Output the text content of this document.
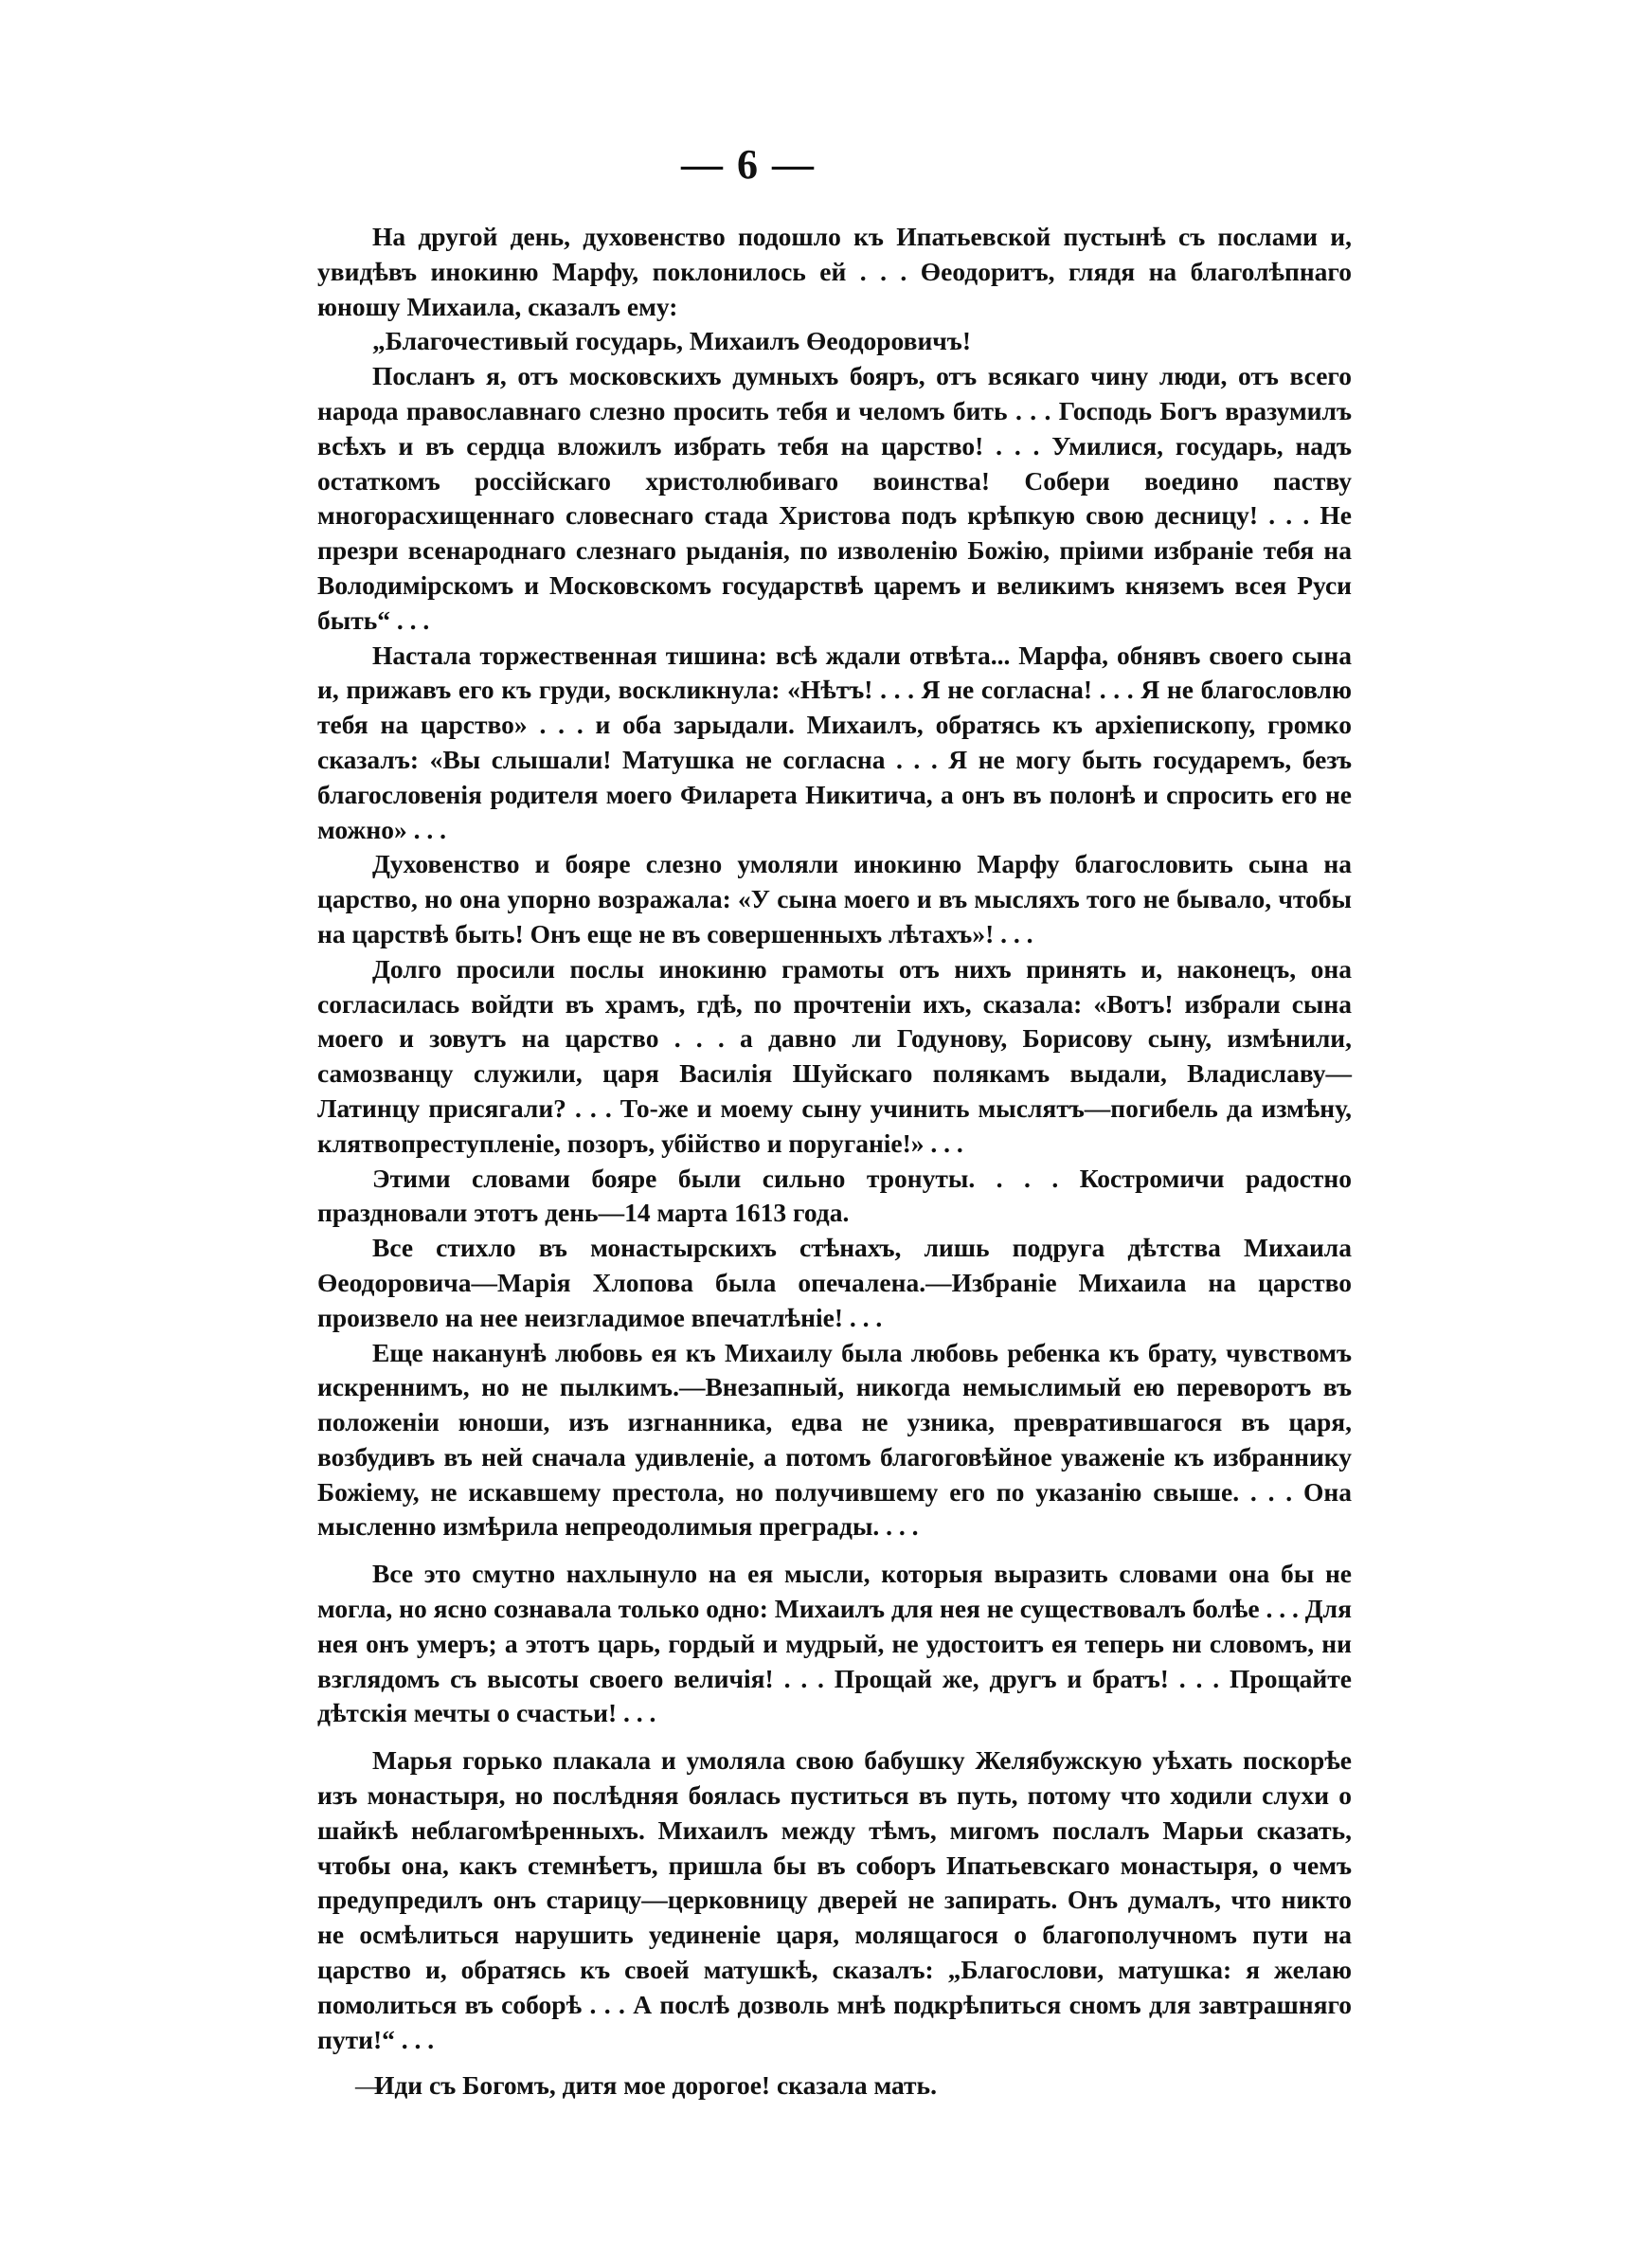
— 6 —

На другой день, духовенство подошло къ Ипатьевской пустынѣ съ послами и, увидѣвъ инокиню Марфу, поклонилось ей . . . Өеодоритъ, глядя на благолѣпнаго юношу Михаила, сказалъ ему:

„Благочестивый государь, Михаилъ Өеодоровичъ!

Посланъ я, отъ московскихъ думныхъ бояръ, отъ всякаго чину люди, отъ всего народа православнаго слезно просить тебя и челомъ бить . . . Господь Богъ вразумилъ всѣхъ и въ сердца вложилъ избрать тебя на царство! . . . Умилися, государь, надъ остаткомъ россійскаго христолюбиваго воинства! Собери воедино паству многорасхищеннаго словеснаго стада Христова подъ крѣпкую свою десницу! . . . Не презри всенароднаго слезнаго рыданія, по изволенію Божію, пріими избраніе тебя на Володимірскомъ и Московскомъ государствѣ царемъ и великимъ княземъ всея Руси быть“ . . .

Настала торжественная тишина: всѣ ждали отвѣта... Марфа, обнявъ своего сына и, прижавъ его къ груди, воскликнула: «Нѣтъ! . . . Я не согласна! . . . Я не благословлю тебя на царство» . . . и оба зарыдали. Михаилъ, обратясь къ архіепископу, громко сказалъ: «Вы слышали! Матушка не согласна . . . Я не могу быть государемъ, безъ благословенія родителя моего Филарета Никитича, а онъ въ полонѣ и спросить его не можно» . . .

Духовенство и бояре слезно умоляли инокиню Марфу благословить сына на царство, но она упорно возражала: «У сына моего и въ мысляхъ того не бывало, чтобы на царствѣ быть! Онъ еще не въ совершенныхъ лѣтахъ»! . . .

Долго просили послы инокиню грамоты отъ нихъ принять и, наконецъ, она согласилась войдти въ храмъ, гдѣ, по прочтеніи ихъ, сказала: «Вотъ! избрали сына моего и зовутъ на царство . . . а давно ли Годунову, Борисову сыну, измѣнили, самозванцу служили, царя Василія Шуйскаго полякамъ выдали, Владиславу—Латинцу присягали? . . . То-же и моему сыну учинить мыслятъ—погибель да измѣну, клятвопреступленіе, позоръ, убійство и поруганіе!» . . .

Этими словами бояре были сильно тронуты. . . . Костромичи радостно праздновали этотъ день—14 марта 1613 года.

Все стихло въ монастырскихъ стѣнахъ, лишь подруга дѣтства Михаила Өеодоровича—Марія Хлопова была опечалена.—Избраніе Михаила на царство произвело на нее неизгладимое впечатлѣніе! . . .

Еще наканунѣ любовь ея къ Михаилу была любовь ребенка къ брату, чувствомъ искреннимъ, но не пылкимъ.—Внезапный, никогда немыслимый ею переворотъ въ положеніи юноши, изъ изгнанника, едва не узника, превратившагося въ царя, возбудивъ въ ней сначала удивленіе, а потомъ благоговѣйное уваженіе къ избраннику Божіему, не искавшему престола, но получившему его по указанію свыше. . . . Она мысленно измѣрила непреодолимыя преграды. . . .

Все это смутно нахлынуло на ея мысли, которыя выразить словами она бы не могла, но ясно сознавала только одно: Михаилъ для нея не существовалъ болѣе . . . Для нея онъ умеръ; а этотъ царь, гордый и мудрый, не удостоитъ ея теперь ни словомъ, ни взглядомъ съ высоты своего величія! . . . Прощай же, другъ и братъ! . . . Прощайте дѣтскія мечты о счастьи! . . .

Марья горько плакала и умоляла свою бабушку Желябужскую уѣхать поскорѣе изъ монастыря, но послѣдняя боялась пуститься въ путь, потому что ходили слухи о шайкѣ неблагомѣренныхъ. Михаилъ между тѣмъ, мигомъ послалъ Марьи сказать, чтобы она, какъ стемнѣетъ, пришла бы въ соборъ Ипатьевскаго монастыря, о чемъ предупредилъ онъ старицу—церковницу дверей не запирать. Онъ думалъ, что никто не осмѣлиться нарушить уединеніе царя, молящагося о благополучномъ пути на царство и, обратясь къ своей матушкѣ, сказалъ: „Благослови, матушка: я желаю помолиться въ соборѣ . . . А послѣ дозволь мнѣ подкрѣпиться сномъ для завтрашняго пути!“ . . .

—Иди съ Богомъ, дитя мое дорогое! сказала мать.
